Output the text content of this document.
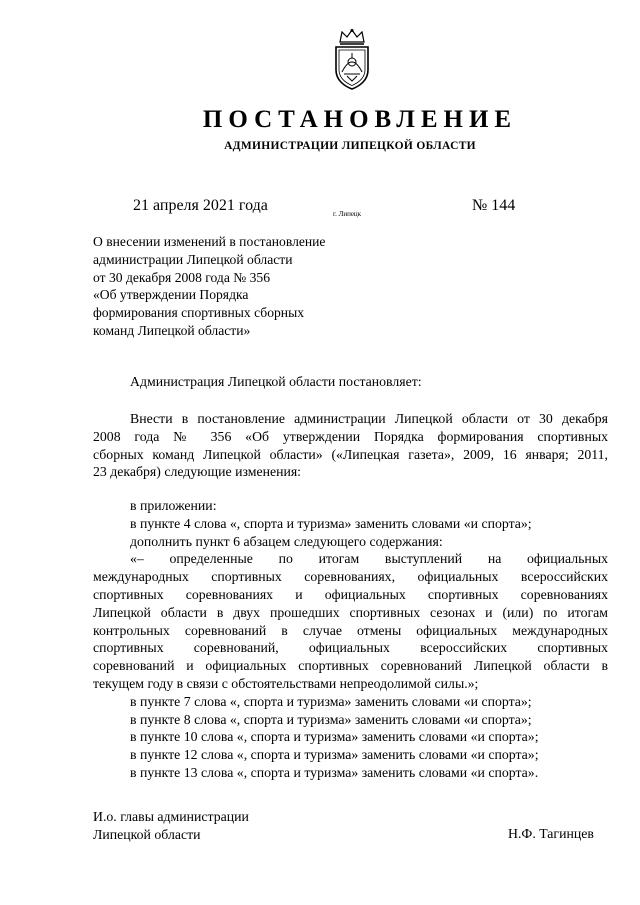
ПОСТАНОВЛЕНИЕ
АДМИНИСТРАЦИИ ЛИПЕЦКОЙ ОБЛАСТИ
21 апреля 2021 года	г. Липецк	№ 144
О внесении изменений в постановление
администрации Липецкой области
от 30 декабря 2008 года № 356
«Об утверждении Порядка
формирования спортивных сборных
команд Липецкой области»
Администрация Липецкой области постановляет:
Внести в постановление администрации Липецкой области от 30 декабря
2008 года № 356 «Об утверждении Порядка формирования спортивных
сборных команд Липецкой области» («Липецкая газета», 2009, 16 января; 2011,
23 декабря) следующие изменения:
в приложении:
в пункте 4 слова «, спорта и туризма» заменить словами «и спорта»;
дополнить пункт 6 абзацем следующего содержания:
«– определенные по итогам выступлений на официальных
международных спортивных соревнованиях, официальных всероссийских
спортивных соревнованиях и официальных спортивных соревнованиях
Липецкой области в двух прошедших спортивных сезонах и (или) по итогам
контрольных соревнований в случае отмены официальных международных
спортивных соревнований, официальных всероссийских спортивных
соревнований и официальных спортивных соревнований Липецкой области в
текущем году в связи с обстоятельствами непреодолимой силы.»;
в пункте 7 слова «, спорта и туризма» заменить словами «и спорта»;
в пункте 8 слова «, спорта и туризма» заменить словами «и спорта»;
в пункте 10 слова «, спорта и туризма» заменить словами «и спорта»;
в пункте 12 слова «, спорта и туризма» заменить словами «и спорта»;
в пункте 13 слова «, спорта и туризма» заменить словами «и спорта».
И.о. главы администрации
Липецкой области	Н.Ф. Тагинцев
